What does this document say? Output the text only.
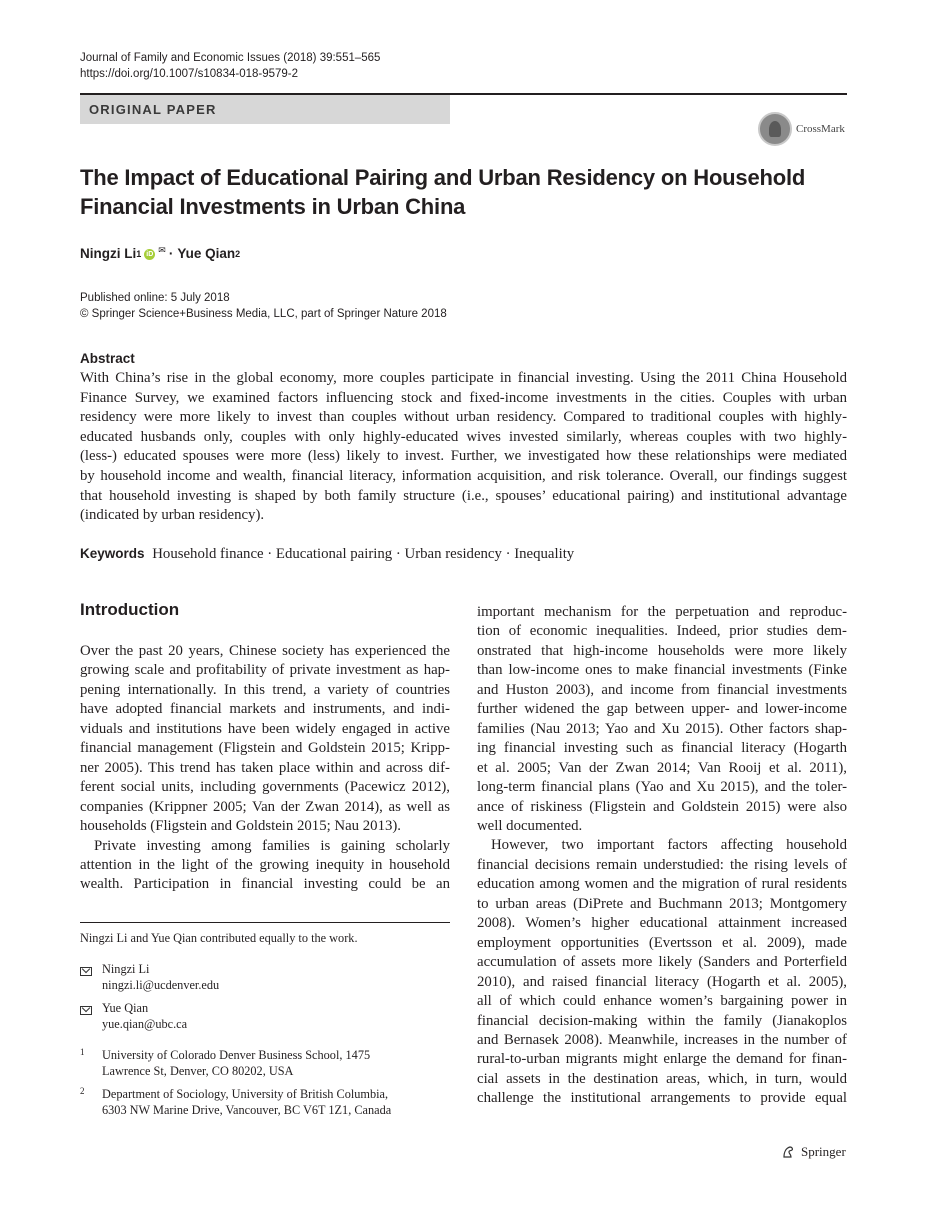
Journal of Family and Economic Issues (2018) 39:551–565
https://doi.org/10.1007/s10834-018-9579-2
ORIGINAL PAPER
CrossMark
The Impact of Educational Pairing and Urban Residency on Household
Financial Investments in Urban China
Ningzi Li 1 iD ✉ · Yue Qian 2
Published online: 5 July 2018
© Springer Science+Business Media, LLC, part of Springer Nature 2018
Abstract
With China’s rise in the global economy, more couples participate in financial investing. Using the 2011 China Household
Finance Survey, we examined factors influencing stock and fixed-income investments in the cities. Couples with urban
residency were more likely to invest than couples without urban residency. Compared to traditional couples with highly-
educated husbands only, couples with only highly-educated wives invested similarly, whereas couples with two highly-
(less-) educated spouses were more (less) likely to invest. Further, we investigated how these relationships were mediated
by household income and wealth, financial literacy, information acquisition, and risk tolerance. Overall, our findings suggest
that household investing is shaped by both family structure (i.e., spouses’ educational pairing) and institutional advantage
(indicated by urban residency).
Keywords Household finance · Educational pairing · Urban residency · Inequality
Introduction
Over the past 20 years, Chinese society has experienced the
growing scale and profitability of private investment as hap-
pening internationally. In this trend, a variety of countries
have adopted financial markets and instruments, and indi-
viduals and institutions have been widely engaged in active
financial management (Fligstein and Goldstein 2015; Kripp-
ner 2005). This trend has taken place within and across dif-
ferent social units, including governments (Pacewicz 2012),
companies (Krippner 2005; Van der Zwan 2014), as well as
households (Fligstein and Goldstein 2015; Nau 2013).
Private investing among families is gaining scholarly
attention in the light of the growing inequity in household
wealth. Participation in financial investing could be an
important mechanism for the perpetuation and reproduc-
tion of economic inequalities. Indeed, prior studies dem-
onstrated that high-income households were more likely
than low-income ones to make financial investments (Finke
and Huston 2003), and income from financial investments
further widened the gap between upper- and lower-income
families (Nau 2013; Yao and Xu 2015). Other factors shap-
ing financial investing such as financial literacy (Hogarth
et al. 2005; Van der Zwan 2014; Van Rooij et al. 2011),
long-term financial plans (Yao and Xu 2015), and the toler-
ance of riskiness (Fligstein and Goldstein 2015) were also
well documented.
However, two important factors affecting household
financial decisions remain understudied: the rising levels of
education among women and the migration of rural residents
to urban areas (DiPrete and Buchmann 2013; Montgomery
2008). Women’s higher educational attainment increased
employment opportunities (Evertsson et al. 2009), made
accumulation of assets more likely (Sanders and Porterfield
2010), and raised financial literacy (Hogarth et al. 2005),
all of which could enhance women’s bargaining power in
financial decision-making within the family (Jianakoplos
and Bernasek 2008). Meanwhile, increases in the number of
rural-to-urban migrants might enlarge the demand for finan-
cial assets in the destination areas, which, in turn, would
challenge the institutional arrangements to provide equal
Ningzi Li and Yue Qian contributed equally to the work.
Ningzi Li
ningzi.li@ucdenver.edu
Yue Qian
yue.qian@ubc.ca
$^1$	University of Colorado Denver Business School, 1475
Lawrence St, Denver, CO 80202, USA
$^2$	Department of Sociology, University of British Columbia,
6303 NW Marine Drive, Vancouver, BC V6T 1Z1, Canada
Springer
